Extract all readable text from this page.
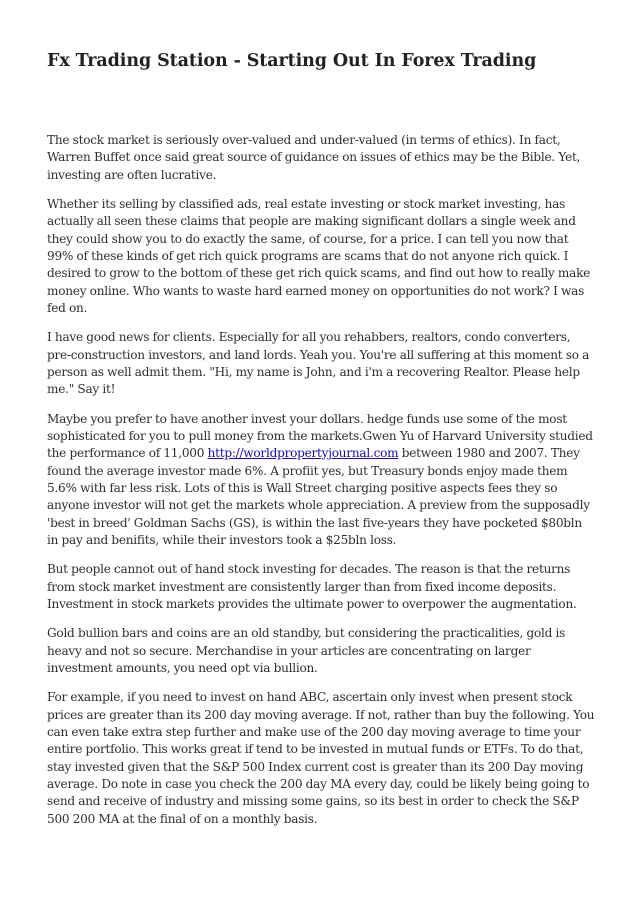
Fx Trading Station - Starting Out In Forex Trading

The stock market is seriously over-valued and under-valued (in terms of ethics). In fact, Warren Buffet once said great source of guidance on issues of ethics may be the Bible. Yet, investing are often lucrative.

Whether its selling by classified ads, real estate investing or stock market investing, has actually all seen these claims that people are making significant dollars a single week and they could show you to do exactly the same, of course, for a price. I can tell you now that 99% of these kinds of get rich quick programs are scams that do not anyone rich quick. I desired to grow to the bottom of these get rich quick scams, and find out how to really make money online. Who wants to waste hard earned money on opportunities do not work? I was fed on.

I have good news for clients. Especially for all you rehabbers, realtors, condo converters, pre-construction investors, and land lords. Yeah you. You're all suffering at this moment so a person as well admit them. "Hi, my name is John, and i'm a recovering Realtor. Please help me." Say it!

Maybe you prefer to have another invest your dollars. hedge funds use some of the most sophisticated for you to pull money from the markets.Gwen Yu of Harvard University studied the performance of 11,000 http://worldpropertyjournal.com between 1980 and 2007. They found the average investor made 6%. A profiit yes, but Treasury bonds enjoy made them 5.6% with far less risk. Lots of this is Wall Street charging positive aspects fees they so anyone investor will not get the markets whole appreciation. A preview from the supposadly 'best in breed' Goldman Sachs (GS), is within the last five-years they have pocketed $80bln in pay and benifits, while their investors took a $25bln loss.

But people cannot out of hand stock investing for decades. The reason is that the returns from stock market investment are consistently larger than from fixed income deposits. Investment in stock markets provides the ultimate power to overpower the augmentation.

Gold bullion bars and coins are an old standby, but considering the practicalities, gold is heavy and not so secure. Merchandise in your articles are concentrating on larger investment amounts, you need opt via bullion.

For example, if you need to invest on hand ABC, ascertain only invest when present stock prices are greater than its 200 day moving average. If not, rather than buy the following. You can even take extra step further and make use of the 200 day moving average to time your entire portfolio. This works great if tend to be invested in mutual funds or ETFs. To do that, stay invested given that the S&P 500 Index current cost is greater than its 200 Day moving average. Do note in case you check the 200 day MA every day, could be likely being going to send and receive of industry and missing some gains, so its best in order to check the S&P 500 200 MA at the final of on a monthly basis.
